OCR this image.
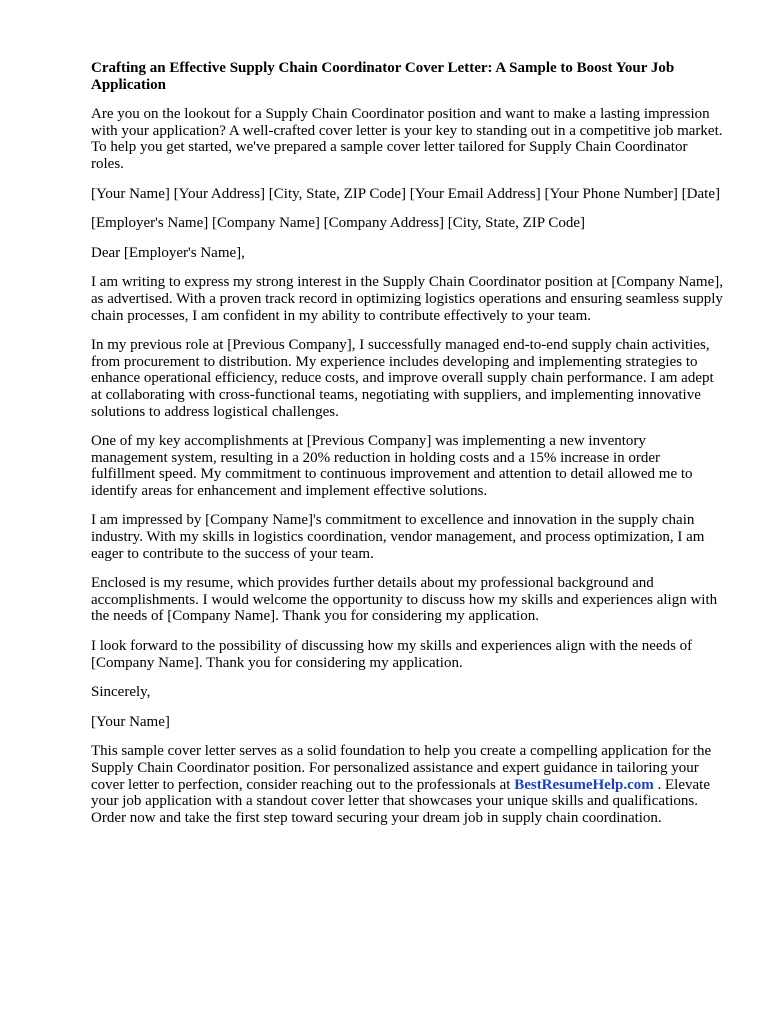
Crafting an Effective Supply Chain Coordinator Cover Letter: A Sample to Boost Your Job Application

Are you on the lookout for a Supply Chain Coordinator position and want to make a lasting impression with your application? A well-crafted cover letter is your key to standing out in a competitive job market. To help you get started, we've prepared a sample cover letter tailored for Supply Chain Coordinator roles.

[Your Name] [Your Address] [City, State, ZIP Code] [Your Email Address] [Your Phone Number] [Date]

[Employer's Name] [Company Name] [Company Address] [City, State, ZIP Code]

Dear [Employer's Name],

I am writing to express my strong interest in the Supply Chain Coordinator position at [Company Name], as advertised. With a proven track record in optimizing logistics operations and ensuring seamless supply chain processes, I am confident in my ability to contribute effectively to your team.

In my previous role at [Previous Company], I successfully managed end-to-end supply chain activities, from procurement to distribution. My experience includes developing and implementing strategies to enhance operational efficiency, reduce costs, and improve overall supply chain performance. I am adept at collaborating with cross-functional teams, negotiating with suppliers, and implementing innovative solutions to address logistical challenges.

One of my key accomplishments at [Previous Company] was implementing a new inventory management system, resulting in a 20% reduction in holding costs and a 15% increase in order fulfillment speed. My commitment to continuous improvement and attention to detail allowed me to identify areas for enhancement and implement effective solutions.

I am impressed by [Company Name]'s commitment to excellence and innovation in the supply chain industry. With my skills in logistics coordination, vendor management, and process optimization, I am eager to contribute to the success of your team.

Enclosed is my resume, which provides further details about my professional background and accomplishments. I would welcome the opportunity to discuss how my skills and experiences align with the needs of [Company Name]. Thank you for considering my application.

I look forward to the possibility of discussing how my skills and experiences align with the needs of [Company Name]. Thank you for considering my application.

Sincerely,

[Your Name]

This sample cover letter serves as a solid foundation to help you create a compelling application for the Supply Chain Coordinator position. For personalized assistance and expert guidance in tailoring your cover letter to perfection, consider reaching out to the professionals at BestResumeHelp.com . Elevate your job application with a standout cover letter that showcases your unique skills and qualifications. Order now and take the first step toward securing your dream job in supply chain coordination.
